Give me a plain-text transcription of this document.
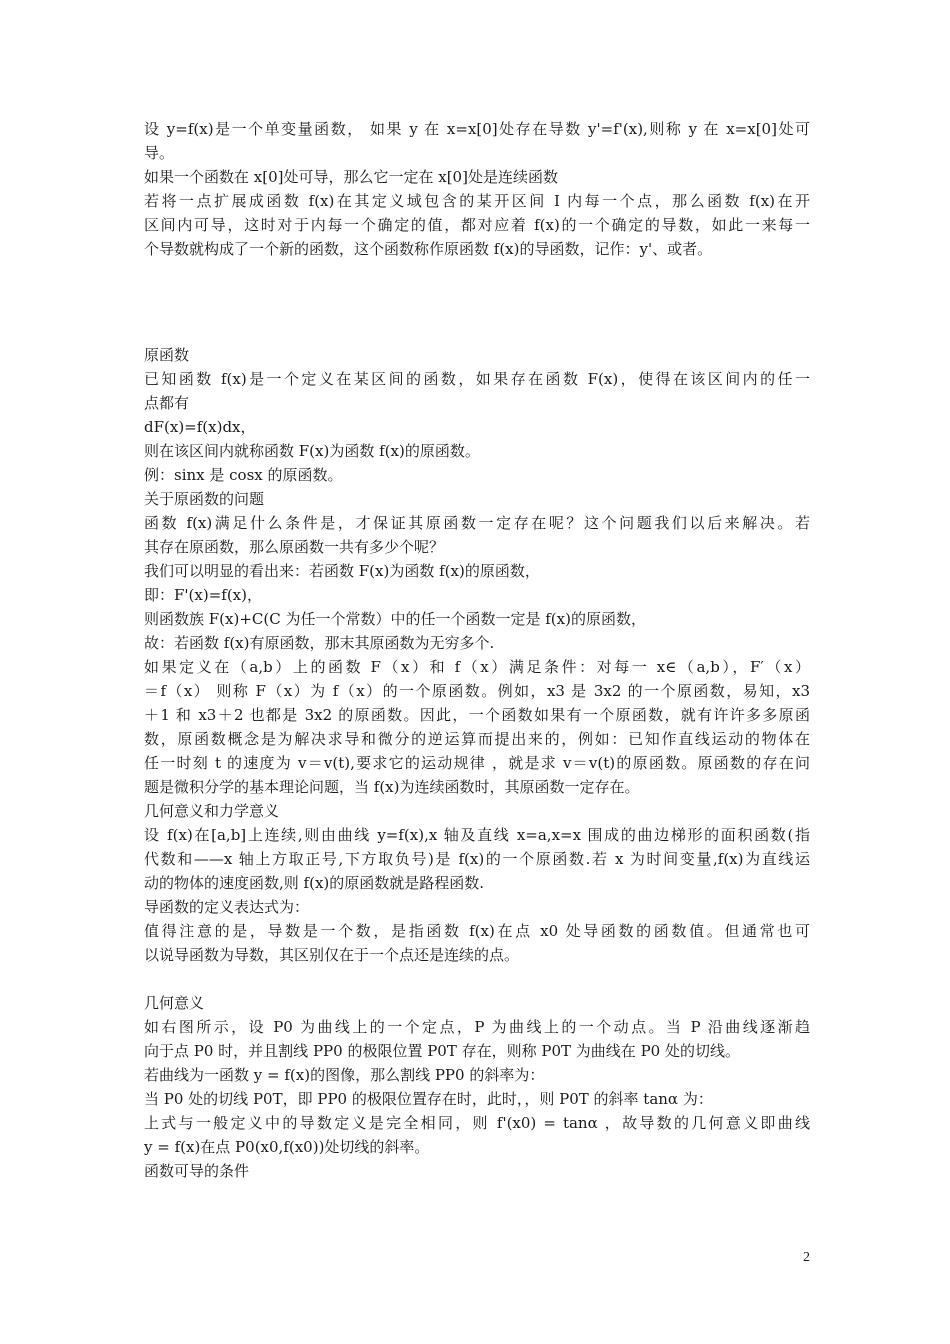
设 y=f(x)是一个单变量函数， 如果 y 在 x=x[0]处存在导数 y'=f'(x),则称 y 在 x=x[0]处可
导。
如果一个函数在 x[0]处可导，那么它一定在 x[0]处是连续函数
若将一点扩展成函数 f(x)在其定义域包含的某开区间 I 内每一个点，那么函数 f(x)在开
区间内可导，这时对于内每一个确定的值，都对应着 f(x)的一个确定的导数，如此一来每一
个导数就构成了一个新的函数，这个函数称作原函数 f(x)的导函数，记作：y'、或者。
原函数
已知函数 f(x)是一个定义在某区间的函数，如果存在函数 F(x)，使得在该区间内的任一
点都有
dF(x)=f(x)dx，
则在该区间内就称函数 F(x)为函数 f(x)的原函数。
例：sinx 是 cosx 的原函数。
关于原函数的问题
函数 f(x)满足什么条件是，才保证其原函数一定存在呢？这个问题我们以后来解决。若
其存在原函数，那么原函数一共有多少个呢？
我们可以明显的看出来：若函数 F(x)为函数 f(x)的原函数，
即：F'(x)=f(x)，
则函数族 F(x)+C(C 为任一个常数）中的任一个函数一定是 f(x)的原函数，
故：若函数 f(x)有原函数，那末其原函数为无穷多个.
如果定义在（a,b）上的函数 F（x）和 f（x）满足条件：对每一 x∈（a,b），F′（x）
＝f（x） 则称 F（x）为 f（x）的一个原函数。例如，x3 是 3x2 的一个原函数，易知，x3
＋1 和 x3＋2 也都是 3x2 的原函数。因此，一个函数如果有一个原函数，就有许许多多原函
数，原函数概念是为解决求导和微分的逆运算而提出来的，例如：已知作直线运动的物体在
任一时刻 t 的速度为 v＝v(t),要求它的运动规律 ，就是求 v＝v(t)的原函数。原函数的存在问
题是微积分学的基本理论问题，当 f(x)为连续函数时，其原函数一定存在。
几何意义和力学意义
设 f(x)在[a,b]上连续,则由曲线 y=f(x),x 轴及直线 x=a,x=x 围成的曲边梯形的面积函数(指
代数和——x 轴上方取正号,下方取负号)是 f(x)的一个原函数.若 x 为时间变量,f(x)为直线运
动的物体的速度函数,则 f(x)的原函数就是路程函数.
导函数的定义表达式为：
值得注意的是，导数是一个数，是指函数 f(x)在点 x0 处导函数的函数值。但通常也可
以说导函数为导数，其区别仅在于一个点还是连续的点。
几何意义
如右图所示，设 P0 为曲线上的一个定点，P 为曲线上的一个动点。当 P 沿曲线逐渐趋
向于点 P0 时，并且割线 PP0 的极限位置 P0T 存在，则称 P0T 为曲线在 P0 处的切线。
若曲线为一函数 y = f(x)的图像，那么割线 PP0 的斜率为：
当 P0 处的切线 P0T，即 PP0 的极限位置存在时，此时，，则 P0T 的斜率 tanα 为：
上式与一般定义中的导数定义是完全相同，则 f'(x0) = tanα ，故导数的几何意义即曲线
y = f(x)在点 P0(x0,f(x0))处切线的斜率。
函数可导的条件
2
